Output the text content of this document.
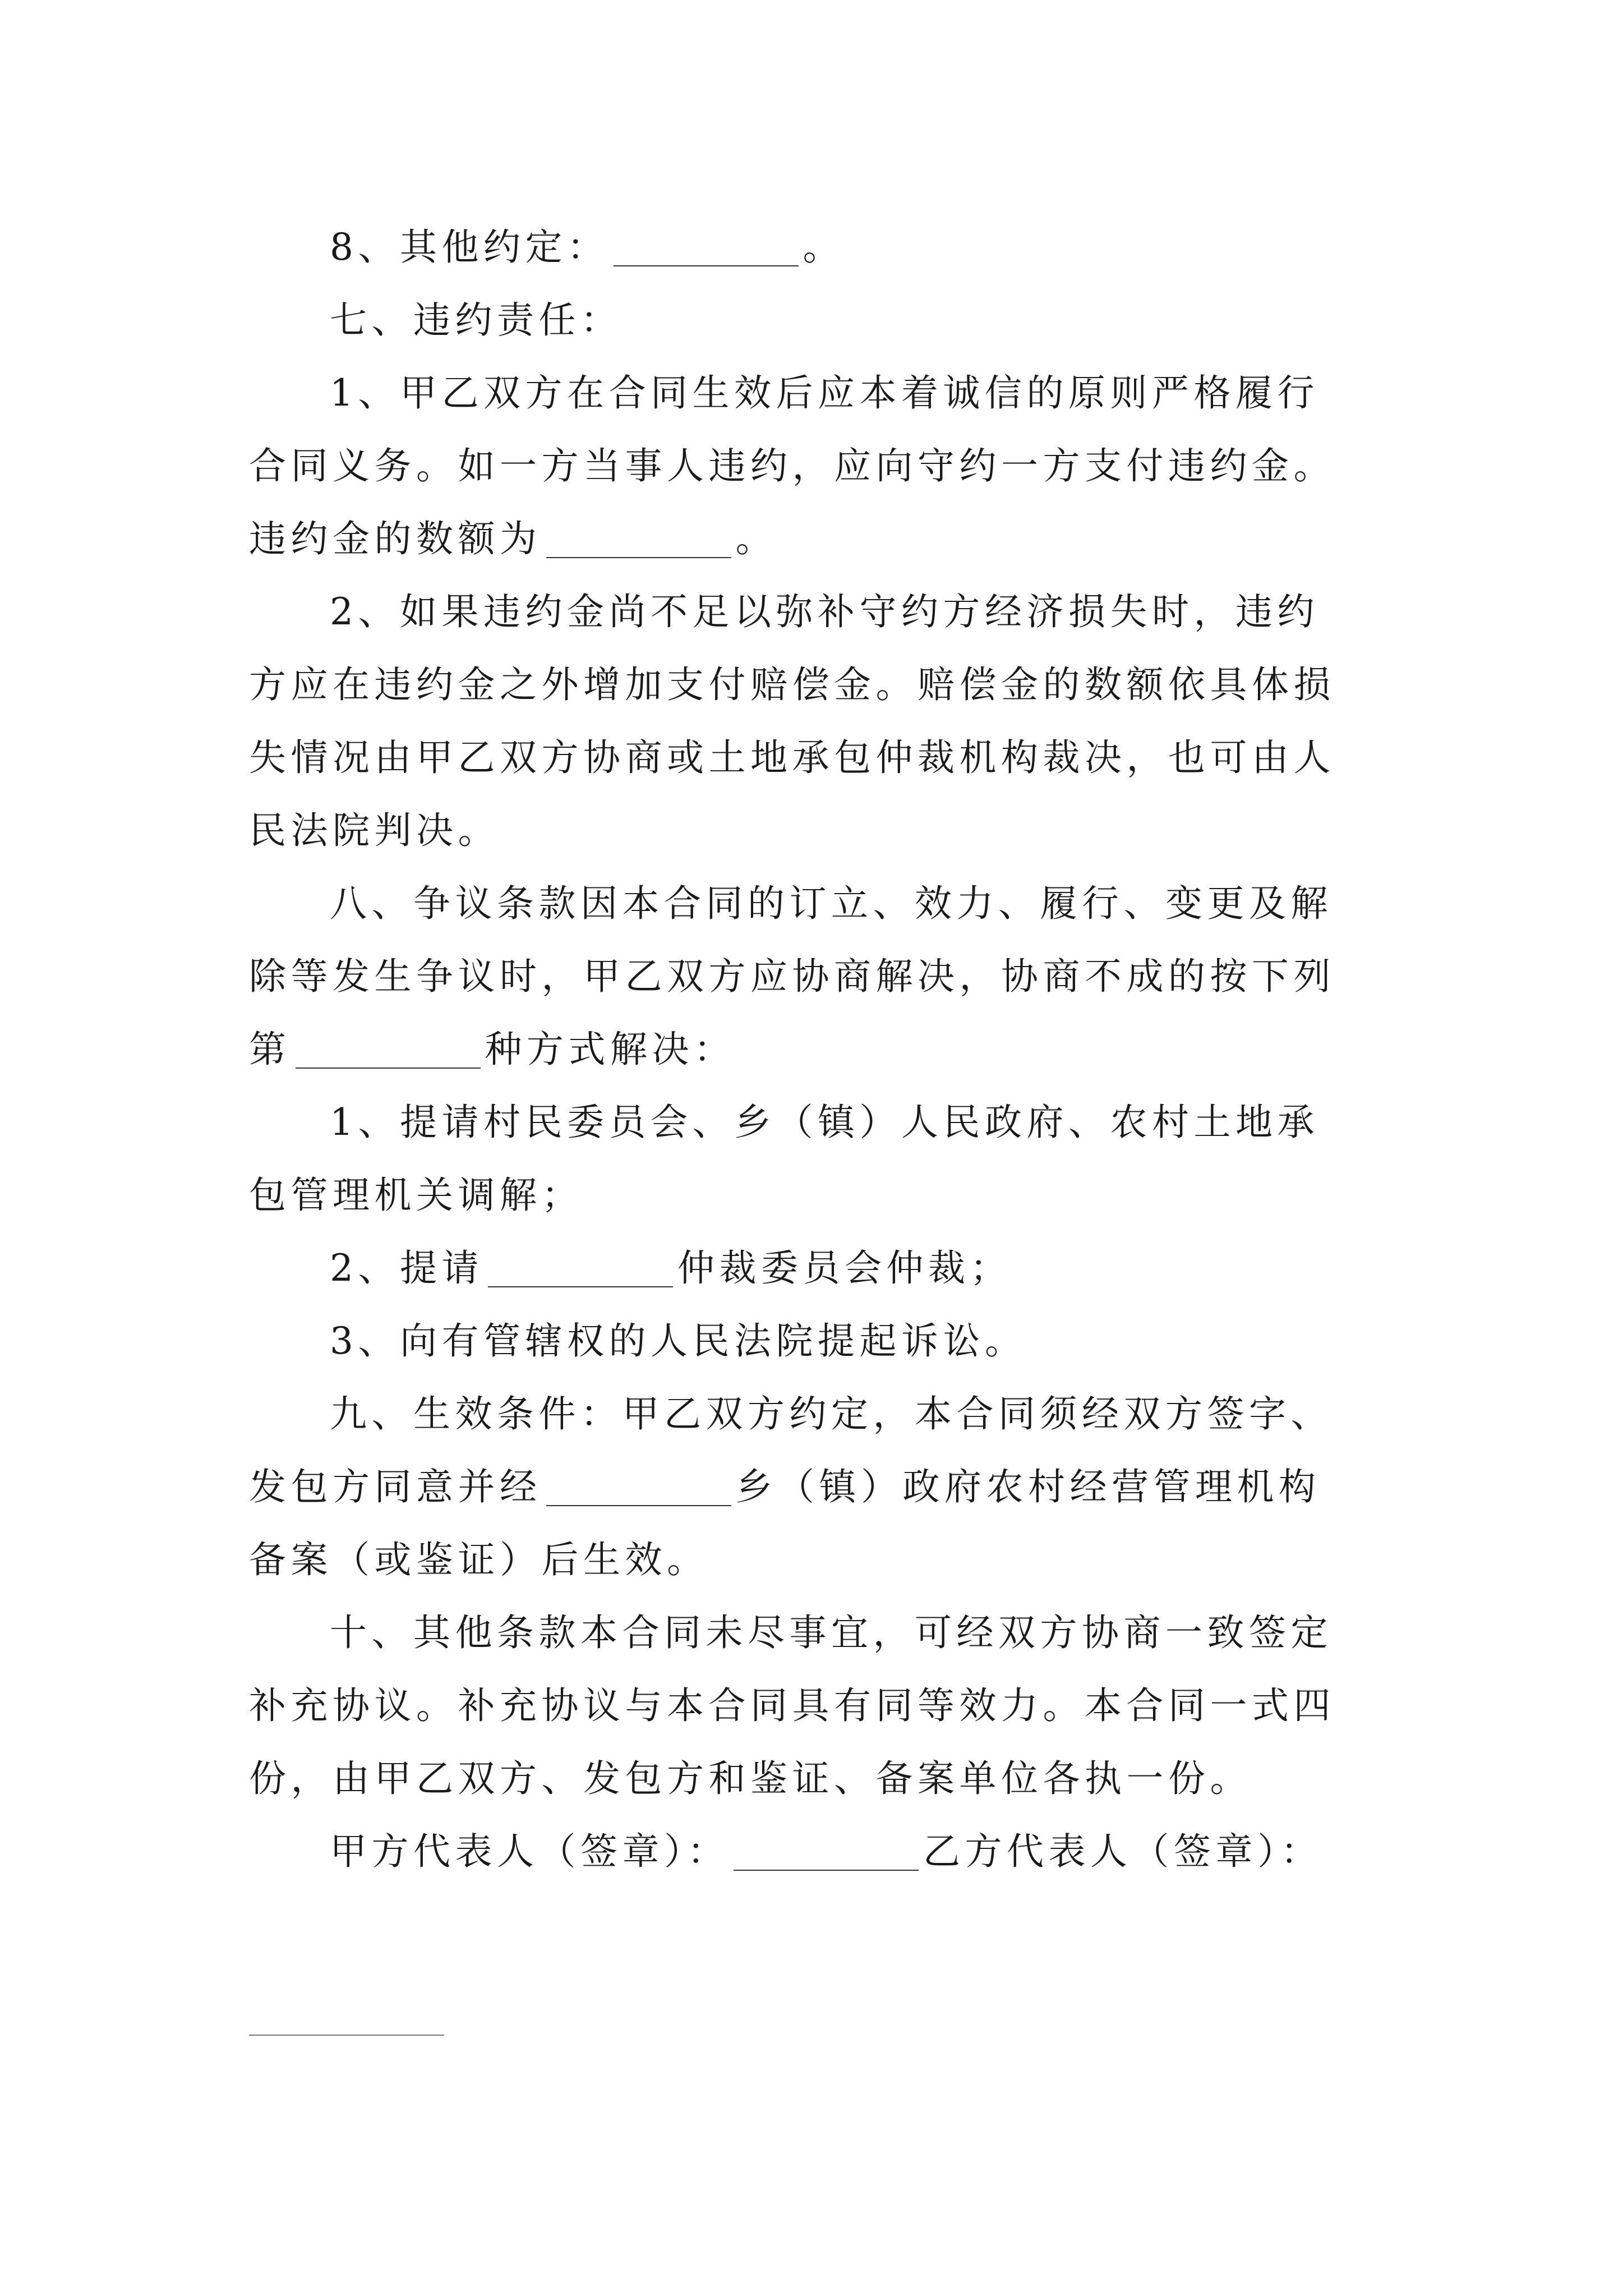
8、其他约定：	。
七、违约责任：
1、甲乙双方在合同生效后应本着诚信的原则严格履行
合同义务。如一方当事人违约，应向守约一方支付违约金。
违约金的数额为	。
2、如果违约金尚不足以弥补守约方经济损失时，违约
方应在违约金之外增加支付赔偿金。赔偿金的数额依具体损
失情况由甲乙双方协商或土地承包仲裁机构裁决，也可由人
民法院判决。
八、争议条款因本合同的订立、效力、履行、变更及解
除等发生争议时，甲乙双方应协商解决，协商不成的按下列
第	种方式解决：
1、提请村民委员会、乡（镇）人民政府、农村土地承
包管理机关调解；
2、提请	仲裁委员会仲裁；
3、向有管辖权的人民法院提起诉讼。
九、生效条件：甲乙双方约定，本合同须经双方签字、
发包方同意并经	乡（镇）政府农村经营管理机构
备案（或鉴证）后生效。
十、其他条款本合同未尽事宜，可经双方协商一致签定
补充协议。补充协议与本合同具有同等效力。本合同一式四
份，由甲乙双方、发包方和鉴证、备案单位各执一份。
甲方代表人（签章）：	乙方代表人（签章）：
